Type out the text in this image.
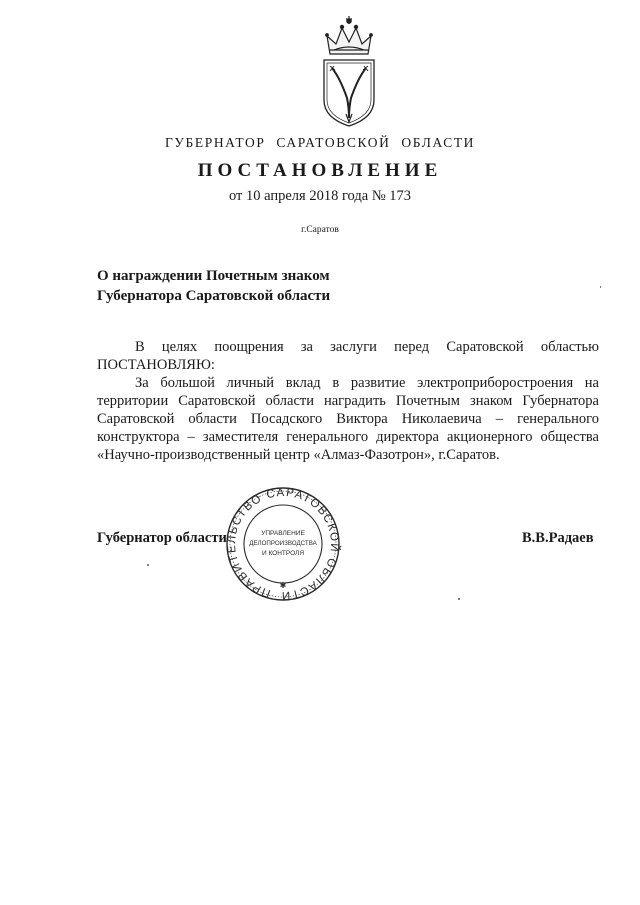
ГУБЕРНАТОР САРАТОВСКОЙ ОБЛАСТИ
ПОСТАНОВЛЕНИЕ
от 10 апреля 2018 года № 173
г.Саратов
О награждении Почетным знаком
Губернатора Саратовской области
В целях поощрения за заслуги перед Саратовской областью
ПОСТАНОВЛЯЮ:
За большой личный вклад в развитие электроприборостроения на территории Саратовской области наградить Почетным знаком Губернатора Саратовской области Посадского Виктора Николаевича – генерального конструктора – заместителя генерального директора акционерного общества «Научно-производственный центр «Алмаз-Фазотрон», г.Саратов.
ПРАВИТЕЛЬСТВО САРАТОВСКОЙ ОБЛАСТИ
УПРАВЛЕНИЕ
ДЕЛОПРОИЗВОДСТВА
И КОНТРОЛЯ
✱
Губернатор области	В.В.Радаев
